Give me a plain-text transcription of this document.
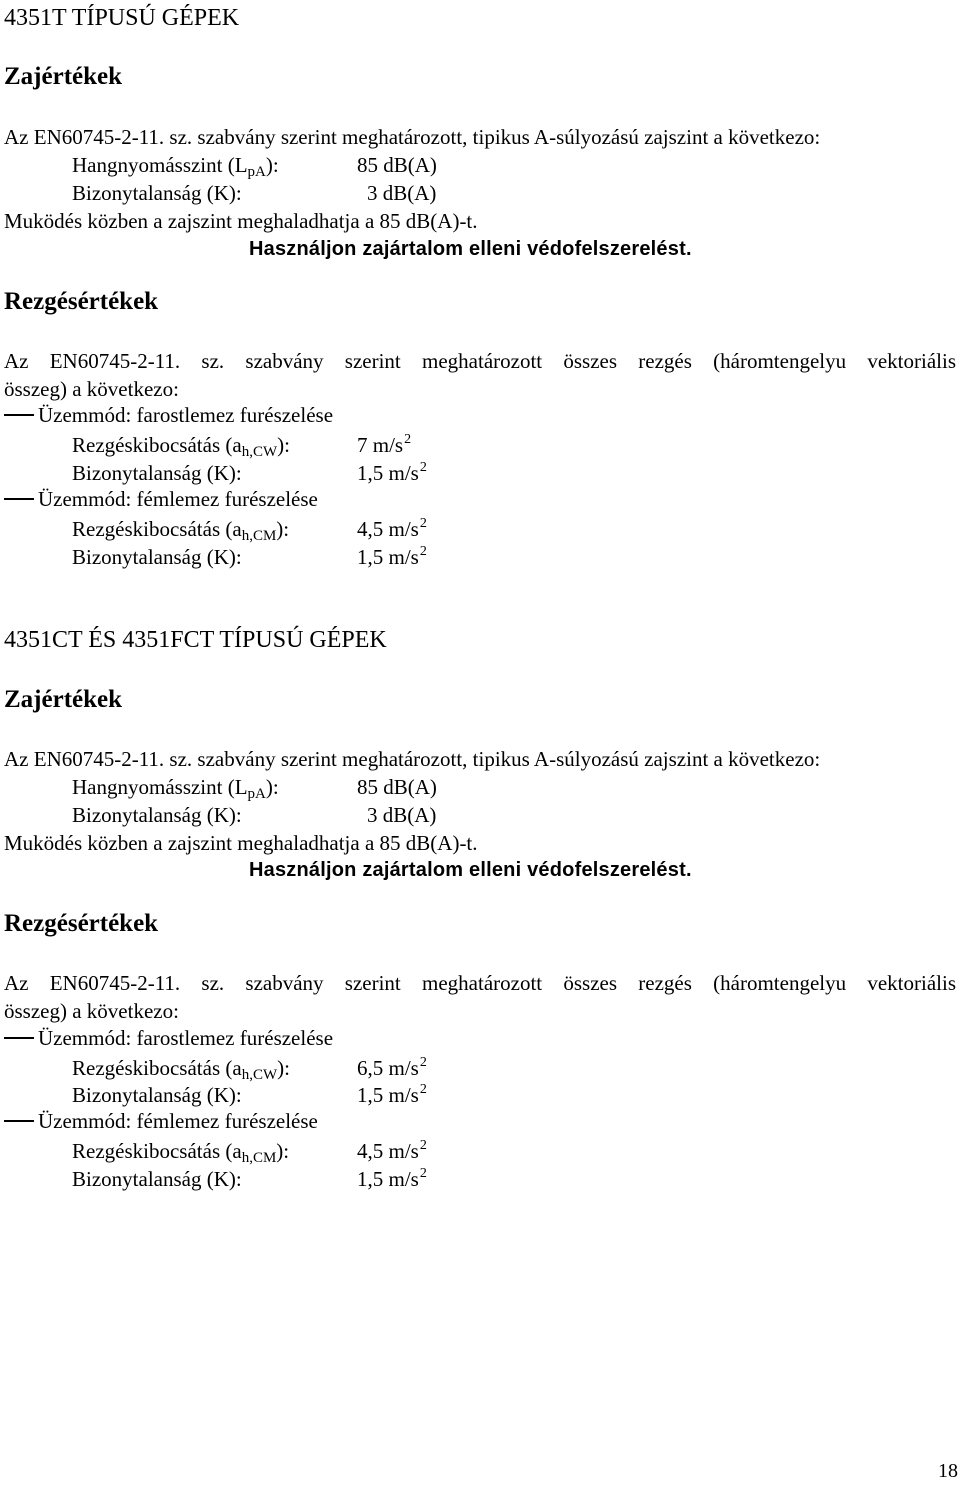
4351T TÍPUSÚ GÉPEK
Zajértékek
Az EN60745-2-11. sz. szabvány szerint meghatározott, tipikus A-súlyozású zajszint a következo:
Hangnyomásszint (LpA):	85 dB(A)
Bizonytalanság (K):	3 dB(A)
Muködés közben a zajszint meghaladhatja a 85 dB(A)-t.
Használjon zajártalom elleni védofelszerelést.
Rezgésértékek
Az EN60745-2-11. sz. szabvány szerint meghatározott összes rezgés (háromtengelyu vektoriális
összeg) a következo:
Üzemmód: farostlemez furészelése
Rezgéskibocsátás (ah,CW):	7 $m/s^2$
Bizonytalanság (K):	1,5 $m/s^2$
Üzemmód: fémlemez furészelése
Rezgéskibocsátás (ah,CM):	4,5 $m/s^2$
Bizonytalanság (K):	1,5 $m/s^2$
4351CT ÉS 4351FCT TÍPUSÚ GÉPEK
Zajértékek
Az EN60745-2-11. sz. szabvány szerint meghatározott, tipikus A-súlyozású zajszint a következo:
Hangnyomásszint (LpA):	85 dB(A)
Bizonytalanság (K):	3 dB(A)
Muködés közben a zajszint meghaladhatja a 85 dB(A)-t.
Használjon zajártalom elleni védofelszerelést.
Rezgésértékek
Az EN60745-2-11. sz. szabvány szerint meghatározott összes rezgés (háromtengelyu vektoriális
összeg) a következo:
Üzemmód: farostlemez furészelése
Rezgéskibocsátás (ah,CW):	6,5 $m/s^2$
Bizonytalanság (K):	1,5 $m/s^2$
Üzemmód: fémlemez furészelése
Rezgéskibocsátás (ah,CM):	4,5 $m/s^2$
Bizonytalanság (K):	1,5 $m/s^2$
18
